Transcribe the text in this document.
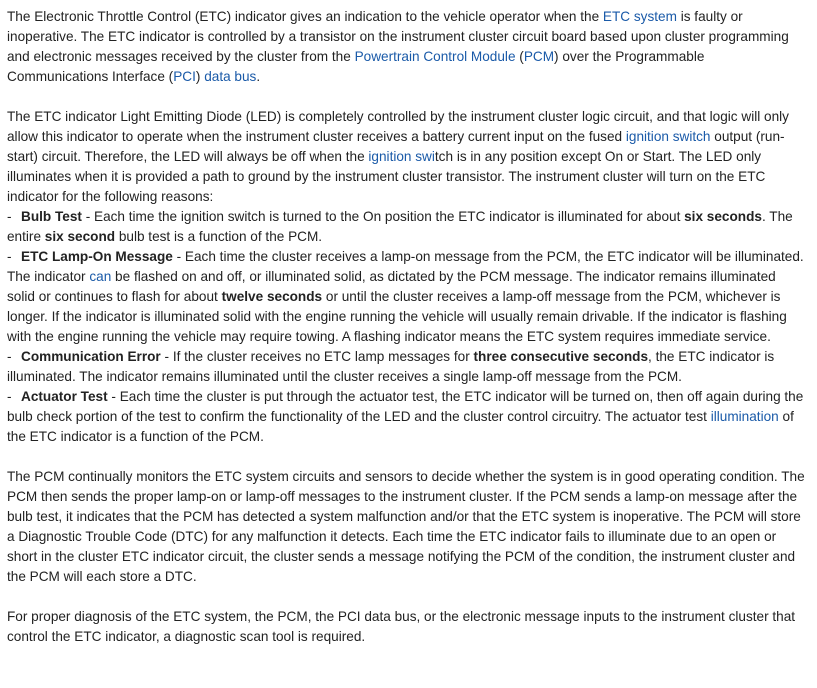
The Electronic Throttle Control (ETC) indicator gives an indication to the vehicle operator when the ETC system is faulty or inoperative. The ETC indicator is controlled by a transistor on the instrument cluster circuit board based upon cluster programming and electronic messages received by the cluster from the Powertrain Control Module (PCM) over the Programmable Communications Interface (PCI) data bus.

The ETC indicator Light Emitting Diode (LED) is completely controlled by the instrument cluster logic circuit, and that logic will only allow this indicator to operate when the instrument cluster receives a battery current input on the fused ignition switch output (run-start) circuit. Therefore, the LED will always be off when the ignition switch is in any position except On or Start. The LED only illuminates when it is provided a path to ground by the instrument cluster transistor. The instrument cluster will turn on the ETC indicator for the following reasons:

- Bulb Test - Each time the ignition switch is turned to the On position the ETC indicator is illuminated for about six seconds. The entire six second bulb test is a function of the PCM.
- ETC Lamp-On Message - Each time the cluster receives a lamp-on message from the PCM, the ETC indicator will be illuminated. The indicator can be flashed on and off, or illuminated solid, as dictated by the PCM message. The indicator remains illuminated solid or continues to flash for about twelve seconds or until the cluster receives a lamp-off message from the PCM, whichever is longer. If the indicator is illuminated solid with the engine running the vehicle will usually remain drivable. If the indicator is flashing with the engine running the vehicle may require towing. A flashing indicator means the ETC system requires immediate service.
- Communication Error - If the cluster receives no ETC lamp messages for three consecutive seconds, the ETC indicator is illuminated. The indicator remains illuminated until the cluster receives a single lamp-off message from the PCM.

- Actuator Test - Each time the cluster is put through the actuator test, the ETC indicator will be turned on, then off again during the bulb check portion of the test to confirm the functionality of the LED and the cluster control circuitry. The actuator test illumination of the ETC indicator is a function of the PCM.

The PCM continually monitors the ETC system circuits and sensors to decide whether the system is in good operating condition. The PCM then sends the proper lamp-on or lamp-off messages to the instrument cluster. If the PCM sends a lamp-on message after the bulb test, it indicates that the PCM has detected a system malfunction and/or that the ETC system is inoperative. The PCM will store a Diagnostic Trouble Code (DTC) for any malfunction it detects. Each time the ETC indicator fails to illuminate due to an open or short in the cluster ETC indicator circuit, the cluster sends a message notifying the PCM of the condition, the instrument cluster and the PCM will each store a DTC.

For proper diagnosis of the ETC system, the PCM, the PCI data bus, or the electronic message inputs to the instrument cluster that control the ETC indicator, a diagnostic scan tool is required.
